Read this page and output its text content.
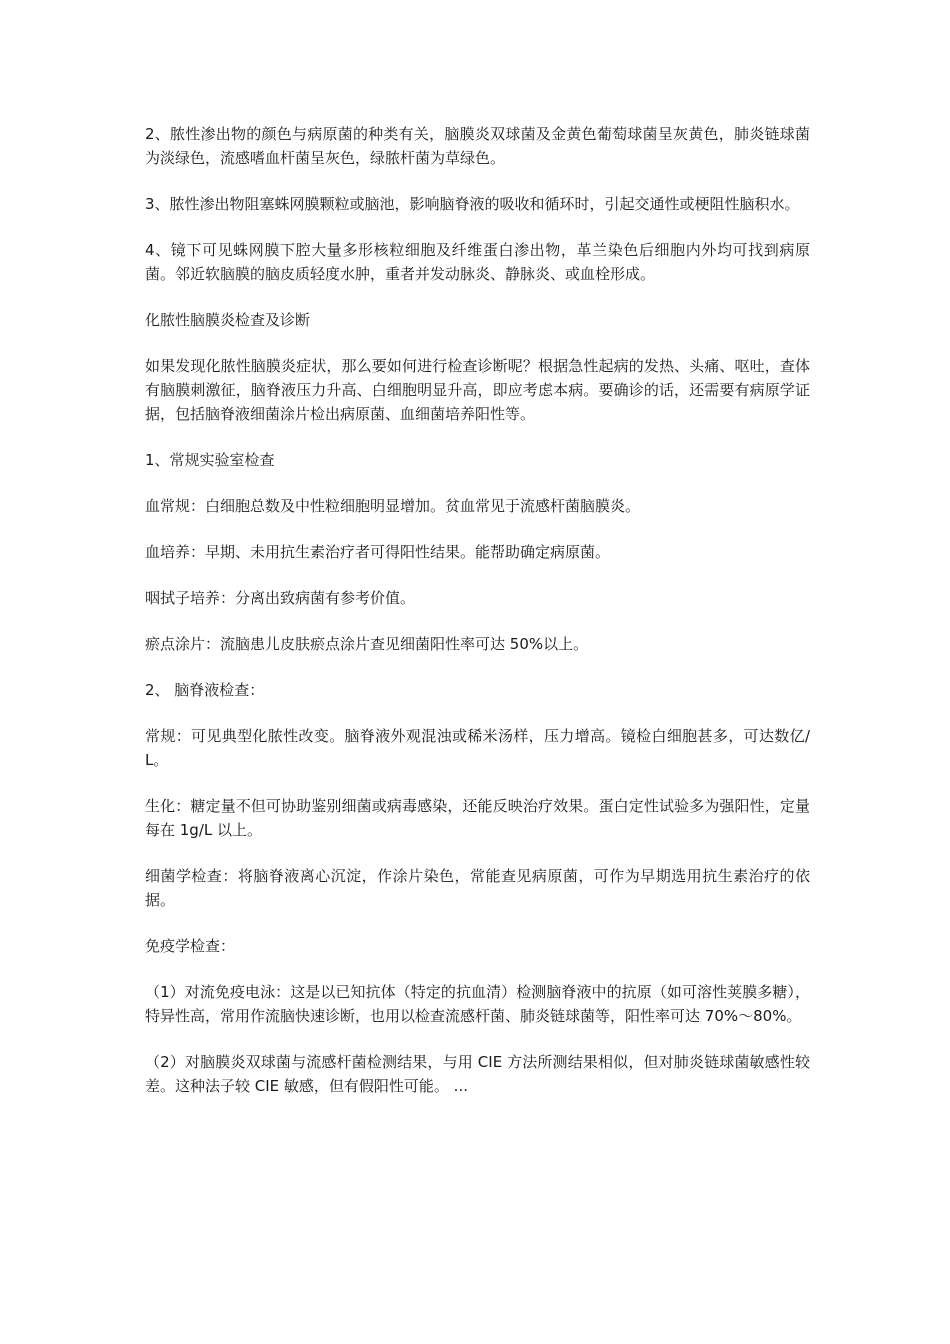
2、脓性渗出物的颜色与病原菌的种类有关，脑膜炎双球菌及金黄色葡萄球菌呈灰黄色，肺炎链球菌为淡绿色，流感嗜血杆菌呈灰色，绿脓杆菌为草绿色。

3、脓性渗出物阻塞蛛网膜颗粒或脑池，影响脑脊液的吸收和循环时，引起交通性或梗阻性脑积水。

4、镜下可见蛛网膜下腔大量多形核粒细胞及纤维蛋白渗出物，革兰染色后细胞内外均可找到病原菌。邻近软脑膜的脑皮质轻度水肿，重者并发动脉炎、静脉炎、或血栓形成。

化脓性脑膜炎检查及诊断

如果发现化脓性脑膜炎症状，那么要如何进行检查诊断呢？根据急性起病的发热、头痛、呕吐，查体有脑膜刺激征，脑脊液压力升高、白细胞明显升高，即应考虑本病。要确诊的话，还需要有病原学证据，包括脑脊液细菌涂片检出病原菌、血细菌培养阳性等。

1、常规实验室检查

血常规：白细胞总数及中性粒细胞明显增加。贫血常见于流感杆菌脑膜炎。

血培养：早期、未用抗生素治疗者可得阳性结果。能帮助确定病原菌。

咽拭子培养：分离出致病菌有参考价值。

瘀点涂片：流脑患儿皮肤瘀点涂片查见细菌阳性率可达 50%以上。

2、 脑脊液检查：

常规：可见典型化脓性改变。脑脊液外观混浊或稀米汤样，压力增高。镜检白细胞甚多，可达数亿/L。

生化：糖定量不但可协助鉴别细菌或病毒感染，还能反映治疗效果。蛋白定性试验多为强阳性，定量每在 1g/L 以上。

细菌学检查：将脑脊液离心沉淀，作涂片染色，常能查见病原菌，可作为早期选用抗生素治疗的依据。

免疫学检查：

（1）对流免疫电泳：这是以已知抗体（特定的抗血清）检测脑脊液中的抗原（如可溶性荚膜多糖），特异性高，常用作流脑快速诊断，也用以检查流感杆菌、肺炎链球菌等，阳性率可达 70%～80%。

（2）对脑膜炎双球菌与流感杆菌检测结果，与用 CIE 方法所测结果相似，但对肺炎链球菌敏感性较差。这种法子较 CIE 敏感，但有假阳性可能。 ...
